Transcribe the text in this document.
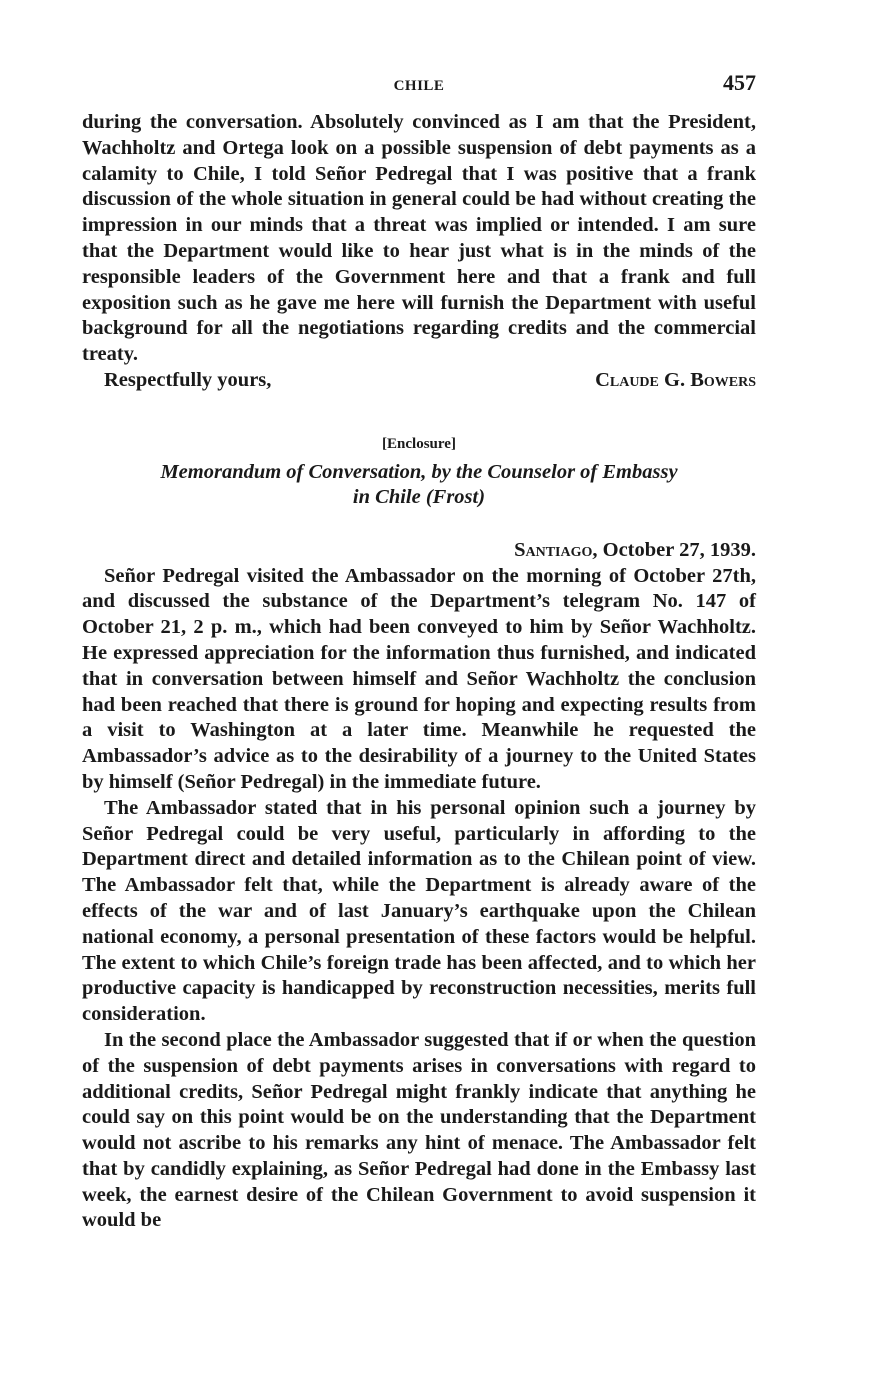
CHILE	457

during the conversation. Absolutely convinced as I am that the President, Wachholtz and Ortega look on a possible suspension of debt payments as a calamity to Chile, I told Señor Pedregal that I was positive that a frank discussion of the whole situation in general could be had without creating the impression in our minds that a threat was implied or intended. I am sure that the Department would like to hear just what is in the minds of the responsible leaders of the Government here and that a frank and full exposition such as he gave me here will furnish the Department with useful background for all the negotiations regarding credits and the commercial treaty.

Respectfully yours,	Claude G. Bowers
[Enclosure]
Memorandum of Conversation, by the Counselor of Embassy
in Chile (Frost)
Santiago, October 27, 1939.

Señor Pedregal visited the Ambassador on the morning of October 27th, and discussed the substance of the Department’s telegram No. 147 of October 21, 2 p. m., which had been conveyed to him by Señor Wachholtz. He expressed appreciation for the information thus furnished, and indicated that in conversation between himself and Señor Wachholtz the conclusion had been reached that there is ground for hoping and expecting results from a visit to Washington at a later time. Meanwhile he requested the Ambassador’s advice as to the desirability of a journey to the United States by himself (Señor Pedregal) in the immediate future.

The Ambassador stated that in his personal opinion such a journey by Señor Pedregal could be very useful, particularly in affording to the Department direct and detailed information as to the Chilean point of view. The Ambassador felt that, while the Department is already aware of the effects of the war and of last January’s earthquake upon the Chilean national economy, a personal presentation of these factors would be helpful. The extent to which Chile’s foreign trade has been affected, and to which her productive capacity is handicapped by reconstruction necessities, merits full consideration.

In the second place the Ambassador suggested that if or when the question of the suspension of debt payments arises in conversations with regard to additional credits, Señor Pedregal might frankly indicate that anything he could say on this point would be on the understanding that the Department would not ascribe to his remarks any hint of menace. The Ambassador felt that by candidly explaining, as Señor Pedregal had done in the Embassy last week, the earnest desire of the Chilean Government to avoid suspension it would be
